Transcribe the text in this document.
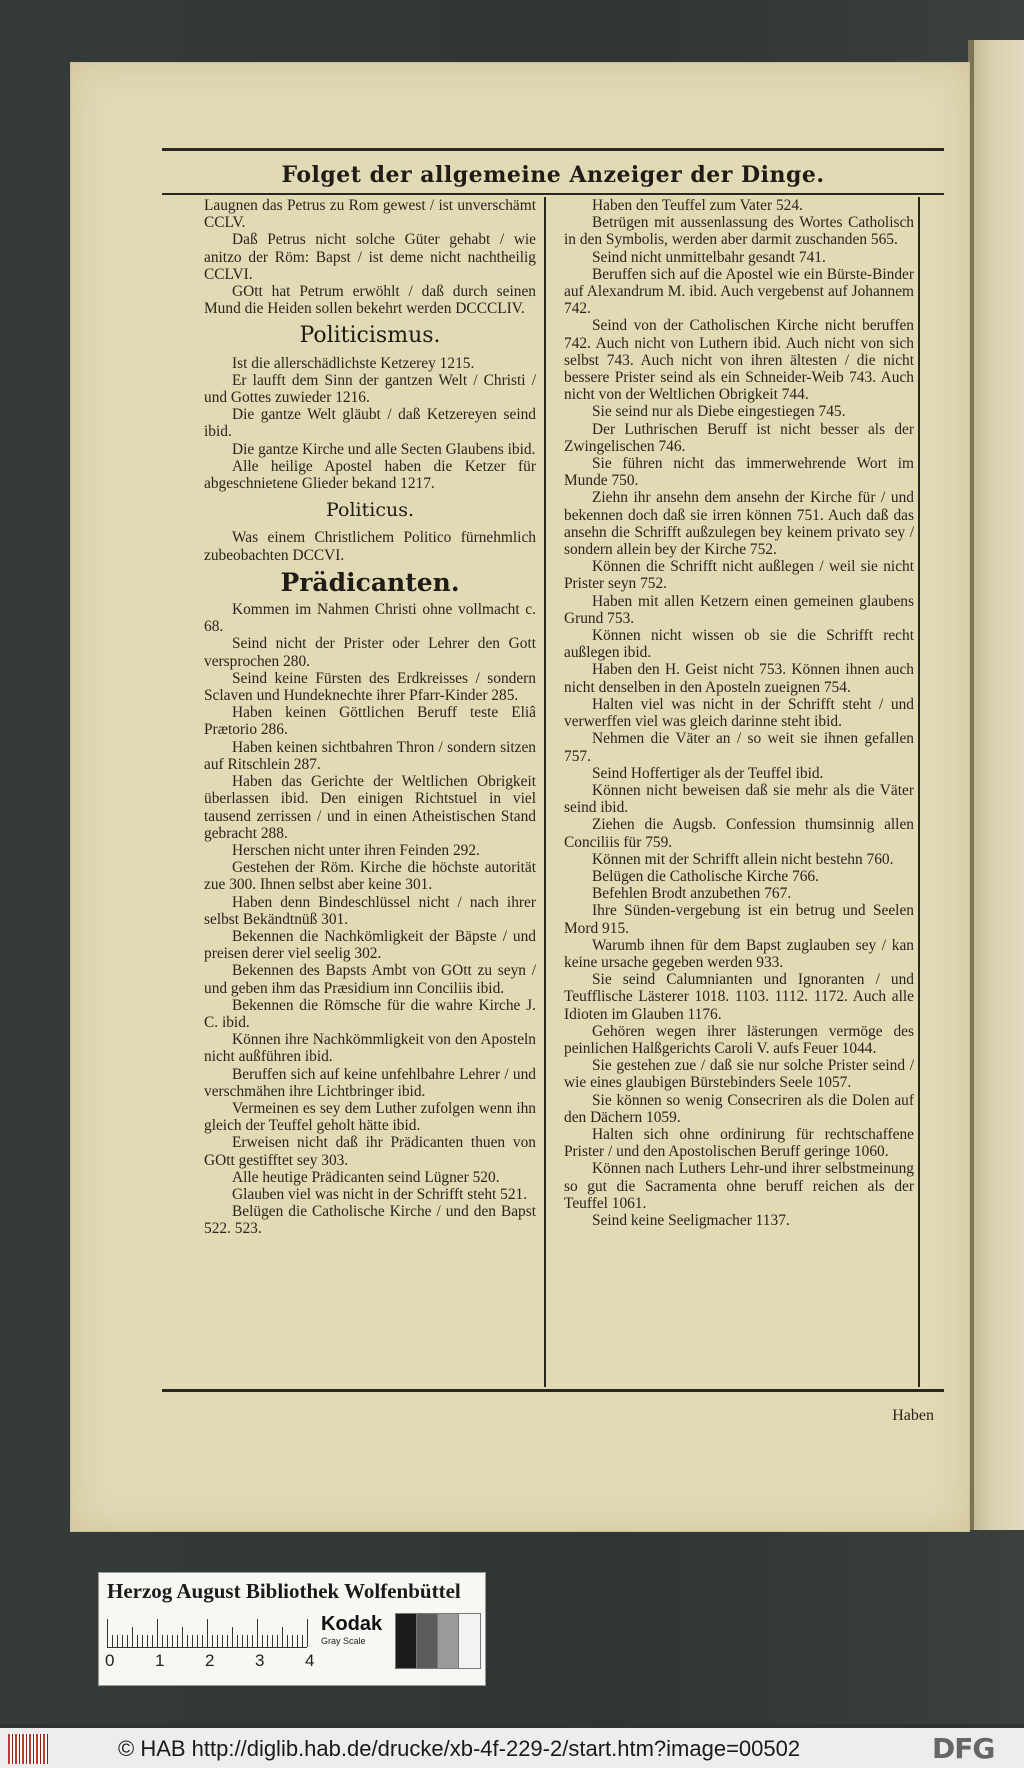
Folget der allgemeine Anzeiger der Dinge.

Laugnen das Petrus zu Rom gewest / ist unverschämt CCLV.

Daß Petrus nicht solche Güter gehabt / wie anitzo der Röm: Bapst / ist deme nicht nachtheilig CCLVI.

GOtt hat Petrum erwöhlt / daß durch seinen Mund die Heiden sollen bekehrt werden DCCCLIV.

Politicismus.

Ist die allerschädlichste Ketzerey 1215.

Er laufft dem Sinn der gantzen Welt / Christi / und Gottes zuwieder 1216.

Die gantze Welt gläubt / daß Ketzereyen seind ibid.

Die gantze Kirche und alle Secten Glaubens ibid.

Alle heilige Apostel haben die Ketzer für abgeschnietene Glieder bekand 1217.

Politicus.

Was einem Christlichem Politico fürnehmlich zubeobachten DCCVI.

Prädicanten.

Kommen im Nahmen Christi ohne vollmacht c. 68.

Seind nicht der Prister oder Lehrer den Gott versprochen 280.

Seind keine Fürsten des Erdkreisses / sondern Sclaven und Hundeknechte ihrer Pfarr-Kinder 285.

Haben keinen Göttlichen Beruff teste Eliâ Prætorio 286.

Haben keinen sichtbahren Thron / sondern sitzen auf Ritschlein 287.

Haben das Gerichte der Weltlichen Obrigkeit überlassen ibid. Den einigen Richtstuel in viel tausend zerrissen / und in einen Atheistischen Stand gebracht 288.

Herschen nicht unter ihren Feinden 292.

Gestehen der Röm. Kirche die höchste autorität zue 300. Ihnen selbst aber keine 301.

Haben denn Bindeschlüssel nicht / nach ihrer selbst Bekändtnüß 301.

Bekennen die Nachkömligkeit der Bäpste / und preisen derer viel seelig 302.

Bekennen des Bapsts Ambt von GOtt zu seyn / und geben ihm das Præsidium inn Conciliis ibid.

Bekennen die Römsche für die wahre Kirche J. C. ibid.

Können ihre Nachkömmligkeit von den Aposteln nicht außführen ibid.

Beruffen sich auf keine unfehlbahre Lehrer / und verschmähen ihre Lichtbringer ibid.

Vermeinen es sey dem Luther zufolgen wenn ihn gleich der Teuffel geholt hätte ibid.

Erweisen nicht daß ihr Prädicanten thuen von GOtt gestifftet sey 303.

Alle heutige Prädicanten seind Lügner 520.

Glauben viel was nicht in der Schrifft steht 521.

Belügen die Catholische Kirche / und den Bapst 522. 523.

Haben den Teuffel zum Vater 524.

Betrügen mit aussenlassung des Wortes Catholisch in den Symbolis, werden aber darmit zuschanden 565.

Seind nicht unmittelbahr gesandt 741.

Beruffen sich auf die Apostel wie ein Bürste-Binder auf Alexandrum M. ibid. Auch vergebenst auf Johannem 742.

Seind von der Catholischen Kirche nicht beruffen 742. Auch nicht von Luthern ibid. Auch nicht von sich selbst 743. Auch nicht von ihren ältesten / die nicht bessere Prister seind als ein Schneider-Weib 743. Auch nicht von der Weltlichen Obrigkeit 744.

Sie seind nur als Diebe eingestiegen 745.

Der Luthrischen Beruff ist nicht besser als der Zwingelischen 746.

Sie führen nicht das immerwehrende Wort im Munde 750.

Ziehn ihr ansehn dem ansehn der Kirche für / und bekennen doch daß sie irren können 751. Auch daß das ansehn die Schrifft außzulegen bey keinem privato sey / sondern allein bey der Kirche 752.

Können die Schrifft nicht außlegen / weil sie nicht Prister seyn 752.

Haben mit allen Ketzern einen gemeinen glaubens Grund 753.

Können nicht wissen ob sie die Schrifft recht außlegen ibid.

Haben den H. Geist nicht 753. Können ihnen auch nicht denselben in den Aposteln zueignen 754.

Halten viel was nicht in der Schrifft steht / und verwerffen viel was gleich darinne steht ibid.

Nehmen die Väter an / so weit sie ihnen gefallen 757.

Seind Hoffertiger als der Teuffel ibid.

Können nicht beweisen daß sie mehr als die Väter seind ibid.

Ziehen die Augsb. Confession thumsinnig allen Conciliis für 759.

Können mit der Schrifft allein nicht bestehn 760.

Belügen die Catholische Kirche 766.

Befehlen Brodt anzubethen 767.

Ihre Sünden-vergebung ist ein betrug und Seelen Mord 915.

Warumb ihnen für dem Bapst zuglauben sey / kan keine ursache gegeben werden 933.

Sie seind Calumnianten und Ignoranten / und Teufflische Lästerer 1018. 1103. 1112. 1172. Auch alle Idioten im Glauben 1176.

Gehören wegen ihrer lästerungen vermöge des peinlichen Halßgerichts Caroli V. aufs Feuer 1044.

Sie gestehen zue / daß sie nur solche Prister seind / wie eines glaubigen Bürstebinders Seele 1057.

Sie können so wenig Consecriren als die Dolen auf den Dächern 1059.

Halten sich ohne ordinirung für rechtschaffene Prister / und den Apostolischen Beruff geringe 1060.

Können nach Luthers Lehr-und ihrer selbstmeinung so gut die Sacramenta ohne beruff reichen als der Teuffel 1061.

Seind keine Seeligmacher 1137.

Haben
Herzog August Bibliothek Wolfenbüttel
0 1 2 3 4
Kodak
Gray Scale
© HAB http://diglib.hab.de/drucke/xb-4f-229-2/start.htm?image=00502	DFG
